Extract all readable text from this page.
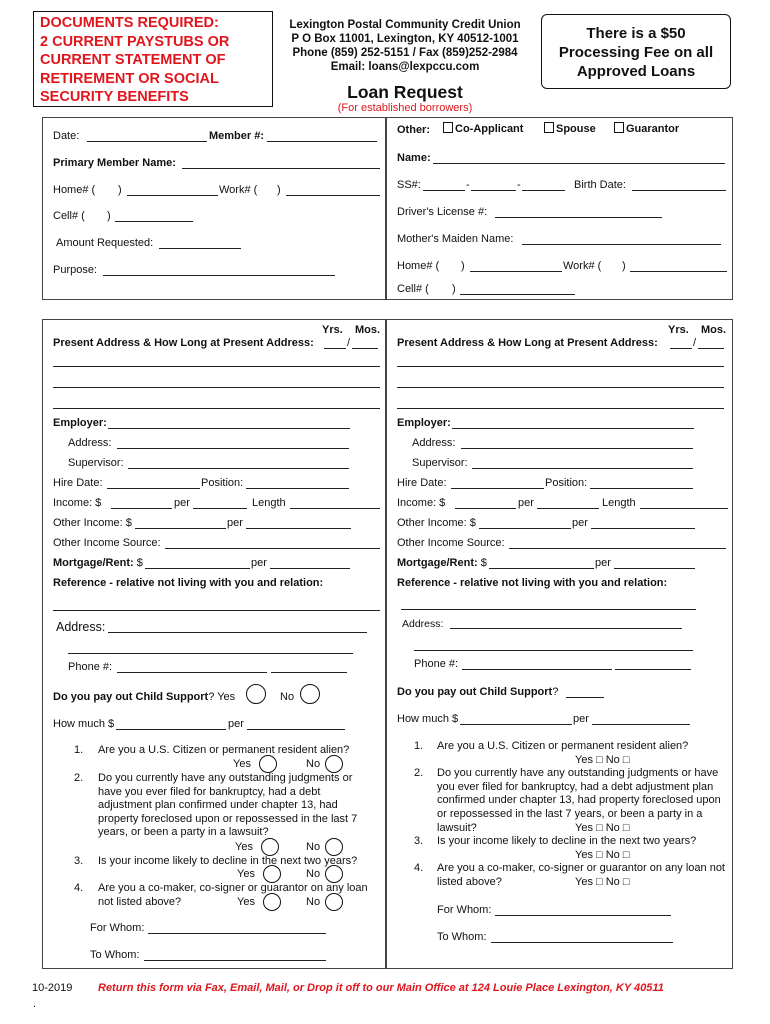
DOCUMENTS REQUIRED:
2 CURRENT PAYSTUBS OR
CURRENT STATEMENT OF
RETIREMENT OR SOCIAL
SECURITY BENEFITS
Lexington Postal Community Credit Union
P O Box 11001, Lexington, KY 40512-1001
Phone (859) 252-5151 / Fax (859)252-2984
Email: loans@lexpccu.com
There is a $50
Processing Fee on all
Approved Loans
Loan Request
(For established borrowers)
Date:	Member #:
Primary Member Name:
Home# ( )	Work# ( )
Cell# ( )
Amount Requested:
Purpose:
Other:	Co-Applicant	Spouse	Guarantor
Name:
SS#:	-	-	Birth Date:
Driver's License #:
Mother's Maiden Name:
Home# ( )	Work# ( )
Cell# ( )
Yrs. Mos.
Present Address & How Long at Present Address:	/
Employer:
Address:
Supervisor:
Hire Date:	Position:
Income: $	per	Length
Other Income: $	per
Other Income Source:
Mortgage/Rent: $	per
Reference - relative not living with you and relation:
Address:
Phone #:
Do you pay out Child Support? Yes	No
How much $	per
1. Are you a U.S. Citizen or permanent resident alien?
Yes	No
2. Do you currently have any outstanding judgments or
have you ever filed for bankruptcy, had a debt
adjustment plan confirmed under chapter 13, had
property foreclosed upon or repossessed in the last 7
years, or been a party in a lawsuit?
Yes	No
3. Is your income likely to decline in the next two years?
Yes	No
4. Are you a co-maker, co-signer or guarantor on any loan
not listed above?	Yes	No
For Whom:
To Whom:
Yrs. Mos.
Present Address & How Long at Present Address:	/
Employer:
Address:
Supervisor:
Hire Date:	Position:
Income: $	per	Length
Other Income: $	per
Other Income Source:
Mortgage/Rent: $	per
Reference - relative not living with you and relation:
Address:
Phone #:
Do you pay out Child Support?
How much $	per
1. Are you a U.S. Citizen or permanent resident alien?
Yes □ No □
2. Do you currently have any outstanding judgments or have
you ever filed for bankruptcy, had a debt adjustment plan
confirmed under chapter 13, had property foreclosed upon
or repossessed in the last 7 years, or been a party in a
lawsuit?	Yes □ No □
3. Is your income likely to decline in the next two years?
Yes □ No □
4. Are you a co-maker, co-signer or guarantor on any loan not
listed above?	Yes □ No □
For Whom:
To Whom:
10-2019 Return this form via Fax, Email, Mail, or Drop it off to our Main Office at 124 Louie Place Lexington, KY 40511
.
